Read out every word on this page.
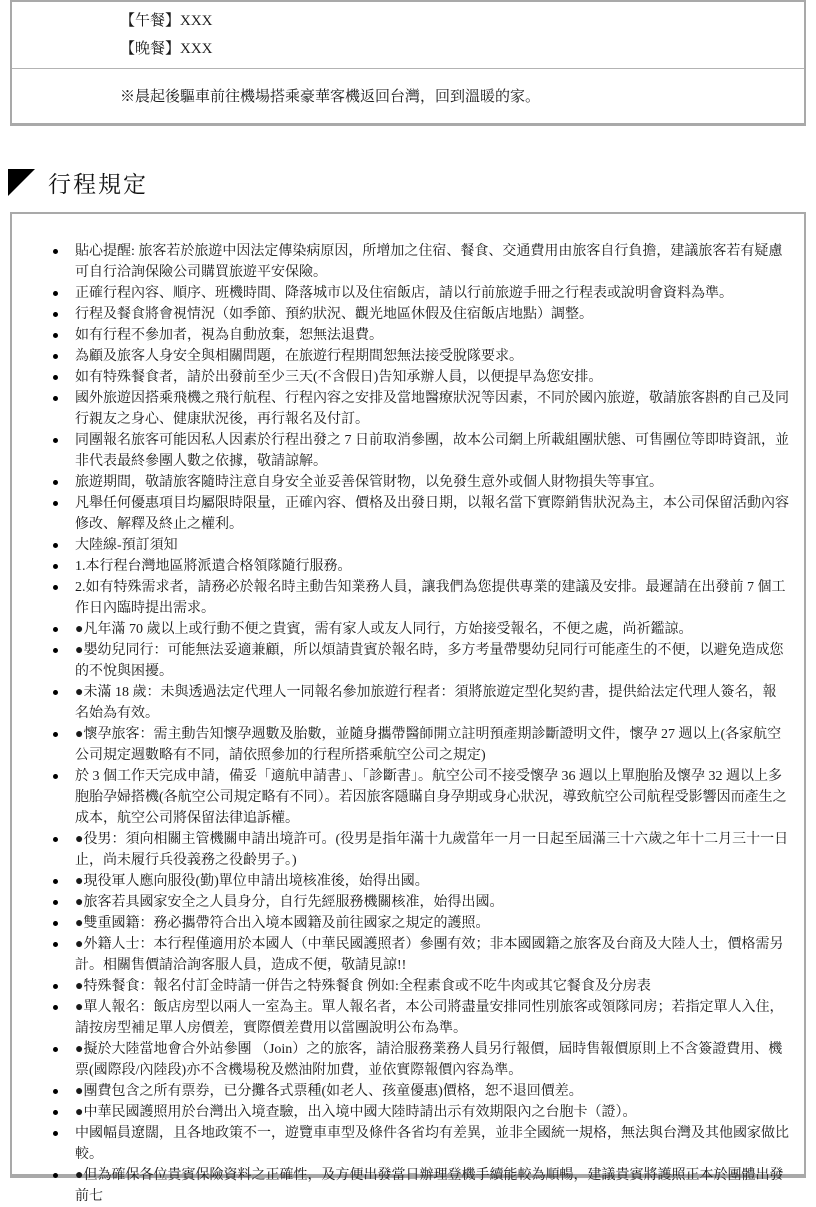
【午餐】XXX
【晚餐】XXX
※晨起後驅車前往機場搭乘豪華客機返回台灣，回到溫暖的家。
行程規定
貼心提醒: 旅客若於旅遊中因法定傳染病原因，所增加之住宿、餐食、交通費用由旅客自行負擔，建議旅客若有疑慮可自行洽詢保險公司購買旅遊平安保險。
正確行程內容、順序、班機時間、降落城市以及住宿飯店，請以行前旅遊手冊之行程表或說明會資料為準。
行程及餐食將會視情況（如季節、預約狀況、觀光地區休假及住宿飯店地點）調整。
如有行程不參加者，視為自動放棄，恕無法退費。
為顧及旅客人身安全與相關問題，在旅遊行程期間恕無法接受脫隊要求。
如有特殊餐食者，請於出發前至少三天(不含假日)告知承辦人員，以便提早為您安排。
國外旅遊因搭乘飛機之飛行航程、行程內容之安排及當地醫療狀況等因素，不同於國內旅遊，敬請旅客斟酌自己及同行親友之身心、健康狀況後，再行報名及付訂。
同團報名旅客可能因私人因素於行程出發之 7 日前取消參團，故本公司網上所載組團狀態、可售團位等即時資訊，並非代表最終參團人數之依據，敬請諒解。
旅遊期間，敬請旅客隨時注意自身安全並妥善保管財物，以免發生意外或個人財物損失等事宜。
凡舉任何優惠項目均屬限時限量，正確內容、價格及出發日期，以報名當下實際銷售狀況為主，本公司保留活動內容修改、解釋及終止之權利。
大陸線-預訂須知
1.本行程台灣地區將派遣合格領隊隨行服務。
2.如有特殊需求者，請務必於報名時主動告知業務人員，讓我們為您提供專業的建議及安排。最遲請在出發前 7 個工作日內臨時提出需求。
●凡年滿 70 歲以上或行動不便之貴賓，需有家人或友人同行，方始接受報名，不便之處，尚祈鑑諒。
●嬰幼兒同行：可能無法妥適兼顧，所以煩請貴賓於報名時，多方考量帶嬰幼兒同行可能產生的不便，以避免造成您的不悅與困擾。
●未滿 18 歲：未與透過法定代理人一同報名參加旅遊行程者：須將旅遊定型化契約書，提供給法定代理人簽名，報名始為有效。
●懷孕旅客：需主動告知懷孕週數及胎數，並隨身攜帶醫師開立註明預產期診斷證明文件，懷孕 27 週以上(各家航空公司規定週數略有不同，請依照參加的行程所搭乘航空公司之規定)
於 3 個工作天完成申請，備妥「適航申請書」、「診斷書」。航空公司不接受懷孕 36 週以上單胞胎及懷孕 32 週以上多胞胎孕婦搭機(各航空公司規定略有不同）。若因旅客隱瞞自身孕期或身心狀況，導致航空公司航程受影響因而產生之成本，航空公司將保留法律追訴權。
●役男：須向相關主管機關申請出境許可。(役男是指年滿十九歲當年一月一日起至屆滿三十六歲之年十二月三十一日止，尚未履行兵役義務之役齡男子。)
●現役軍人應向服役(勤)單位申請出境核准後，始得出國。
●旅客若具國家安全之人員身分，自行先經服務機關核准，始得出國。
●雙重國籍：務必攜帶符合出入境本國籍及前往國家之規定的護照。
●外籍人士：本行程僅適用於本國人（中華民國護照者）參團有效；非本國國籍之旅客及台商及大陸人士，價格需另計。相關售價請洽詢客服人員，造成不便，敬請見諒!!
●特殊餐食：報名付訂金時請一併告之特殊餐食 例如:全程素食或不吃牛肉或其它餐食及分房表
●單人報名：飯店房型以兩人一室為主。單人報名者，本公司將盡量安排同性別旅客或領隊同房；若指定單人入住，請按房型補足單人房價差，實際價差費用以當團說明公布為準。
●擬於大陸當地會合外站參團 （Join）之的旅客，請洽服務業務人員另行報價，屆時售報價原則上不含簽證費用、機票(國際段/內陸段)亦不含機場稅及燃油附加費，並依實際報價內容為準。
●團費包含之所有票券，已分攤各式票種(如老人、孩童優惠)價格，恕不退回價差。
●中華民國護照用於台灣出入境查驗，出入境中國大陸時請出示有效期限內之台胞卡（證）。
中國幅員遼闊，且各地政策不一，遊覽車車型及條件各省均有差異，並非全國統一規格，無法與台灣及其他國家做比較。
●但為確保各位貴賓保險資料之正確性，及方便出發當日辦理登機手續能較為順暢，建議貴賓將護照正本於團體出發前七
